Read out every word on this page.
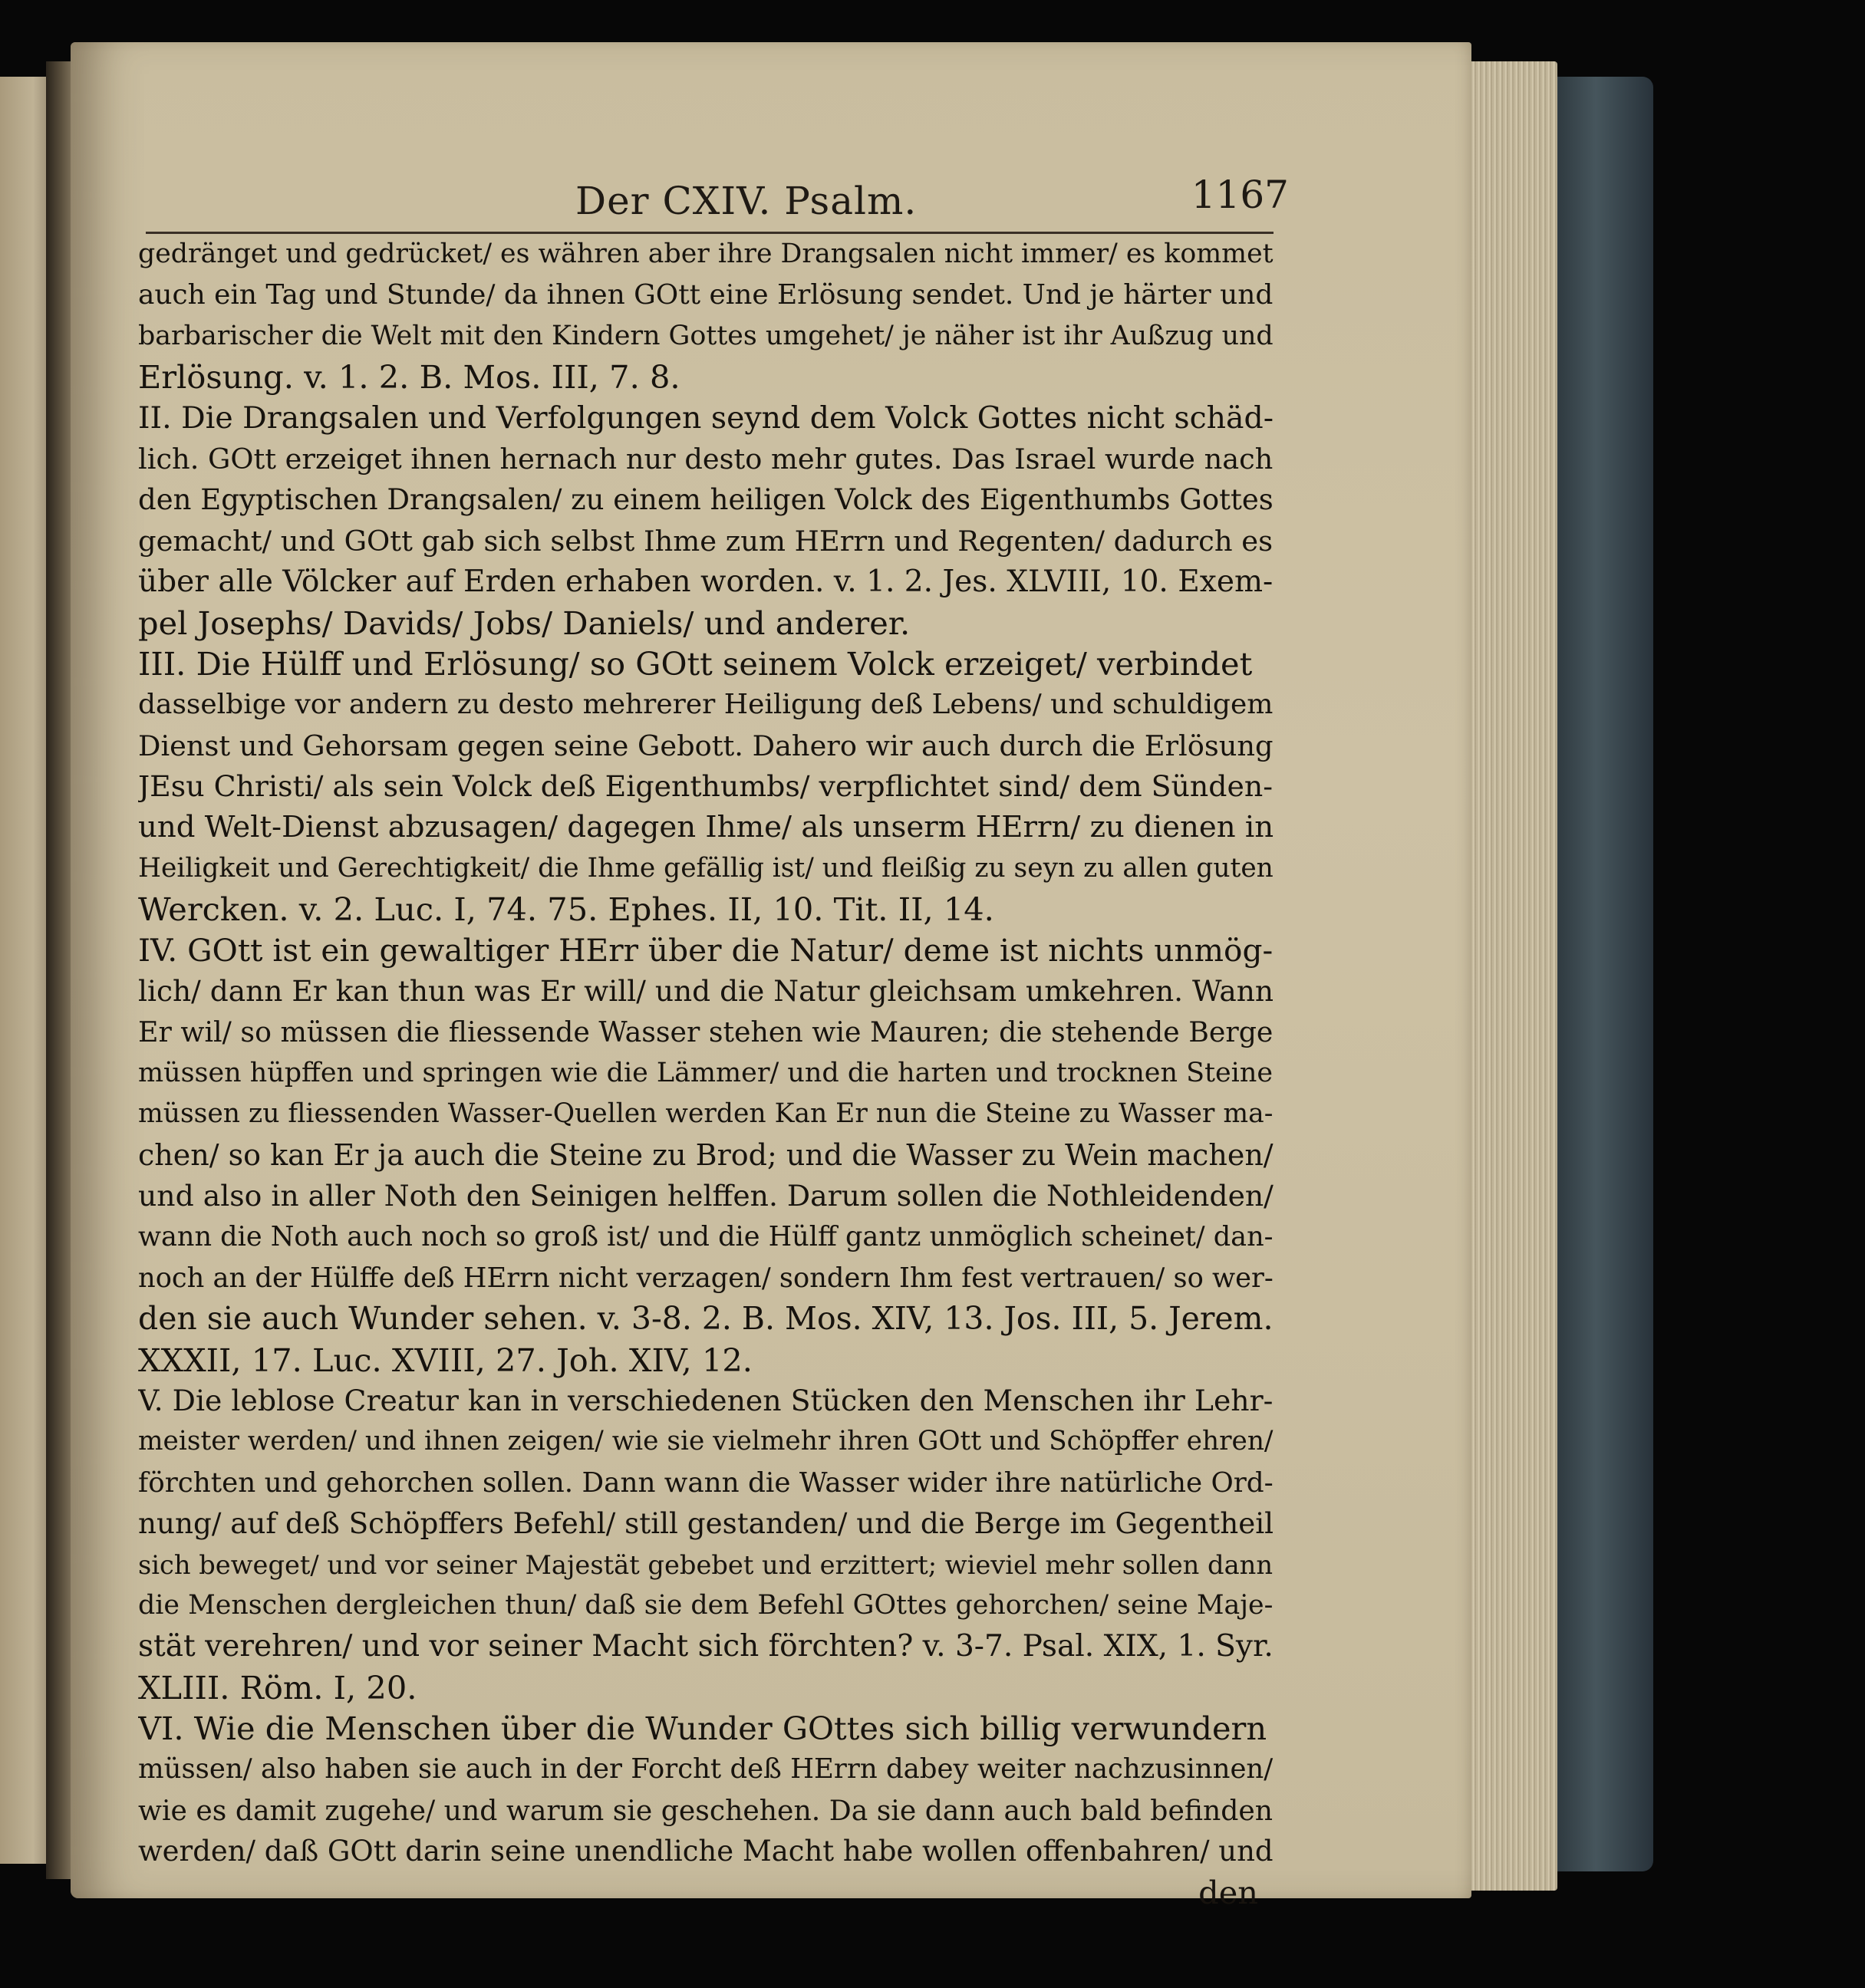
Der CXIV. Psalm.	1167
gedränget und gedrücket/ es währen aber ihre Drangsalen nicht immer/ es kommet
auch ein Tag und Stunde/ da ihnen GOtt eine Erlösung sendet. Und je härter und
barbarischer die Welt mit den Kindern Gottes umgehet/ je näher ist ihr Außzug und
Erlösung. v. 1. 2. B. Mos. III, 7. 8.
II. Die Drangsalen und Verfolgungen seynd dem Volck Gottes nicht schäd-
lich. GOtt erzeiget ihnen hernach nur desto mehr gutes. Das Israel wurde nach
den Egyptischen Drangsalen/ zu einem heiligen Volck des Eigenthumbs Gottes
gemacht/ und GOtt gab sich selbst Ihme zum HErrn und Regenten/ dadurch es
über alle Völcker auf Erden erhaben worden. v. 1. 2. Jes. XLVIII, 10. Exem-
pel Josephs/ Davids/ Jobs/ Daniels/ und anderer.
III. Die Hülff und Erlösung/ so GOtt seinem Volck erzeiget/ verbindet
dasselbige vor andern zu desto mehrerer Heiligung deß Lebens/ und schuldigem
Dienst und Gehorsam gegen seine Gebott. Dahero wir auch durch die Erlösung
JEsu Christi/ als sein Volck deß Eigenthumbs/ verpflichtet sind/ dem Sünden-
und Welt-Dienst abzusagen/ dagegen Ihme/ als unserm HErrn/ zu dienen in
Heiligkeit und Gerechtigkeit/ die Ihme gefällig ist/ und fleißig zu seyn zu allen guten
Wercken. v. 2. Luc. I, 74. 75. Ephes. II, 10. Tit. II, 14.
IV. GOtt ist ein gewaltiger HErr über die Natur/ deme ist nichts unmög-
lich/ dann Er kan thun was Er will/ und die Natur gleichsam umkehren. Wann
Er wil/ so müssen die fliessende Wasser stehen wie Mauren; die stehende Berge
müssen hüpffen und springen wie die Lämmer/ und die harten und trocknen Steine
müssen zu fliessenden Wasser-Quellen werden Kan Er nun die Steine zu Wasser ma-
chen/ so kan Er ja auch die Steine zu Brod; und die Wasser zu Wein machen/
und also in aller Noth den Seinigen helffen. Darum sollen die Nothleidenden/
wann die Noth auch noch so groß ist/ und die Hülff gantz unmöglich scheinet/ dan-
noch an der Hülffe deß HErrn nicht verzagen/ sondern Ihm fest vertrauen/ so wer-
den sie auch Wunder sehen. v. 3-8. 2. B. Mos. XIV, 13. Jos. III, 5. Jerem.
XXXII, 17. Luc. XVIII, 27. Joh. XIV, 12.
V. Die leblose Creatur kan in verschiedenen Stücken den Menschen ihr Lehr-
meister werden/ und ihnen zeigen/ wie sie vielmehr ihren GOtt und Schöpffer ehren/
förchten und gehorchen sollen. Dann wann die Wasser wider ihre natürliche Ord-
nung/ auf deß Schöpffers Befehl/ still gestanden/ und die Berge im Gegentheil
sich beweget/ und vor seiner Majestät gebebet und erzittert; wieviel mehr sollen dann
die Menschen dergleichen thun/ daß sie dem Befehl GOttes gehorchen/ seine Maje-
stät verehren/ und vor seiner Macht sich förchten? v. 3-7. Psal. XIX, 1. Syr.
XLIII. Röm. I, 20.
VI. Wie die Menschen über die Wunder GOttes sich billig verwundern
müssen/ also haben sie auch in der Forcht deß HErrn dabey weiter nachzusinnen/
wie es damit zugehe/ und warum sie geschehen. Da sie dann auch bald befinden
werden/ daß GOtt darin seine unendliche Macht habe wollen offenbahren/ und
den
